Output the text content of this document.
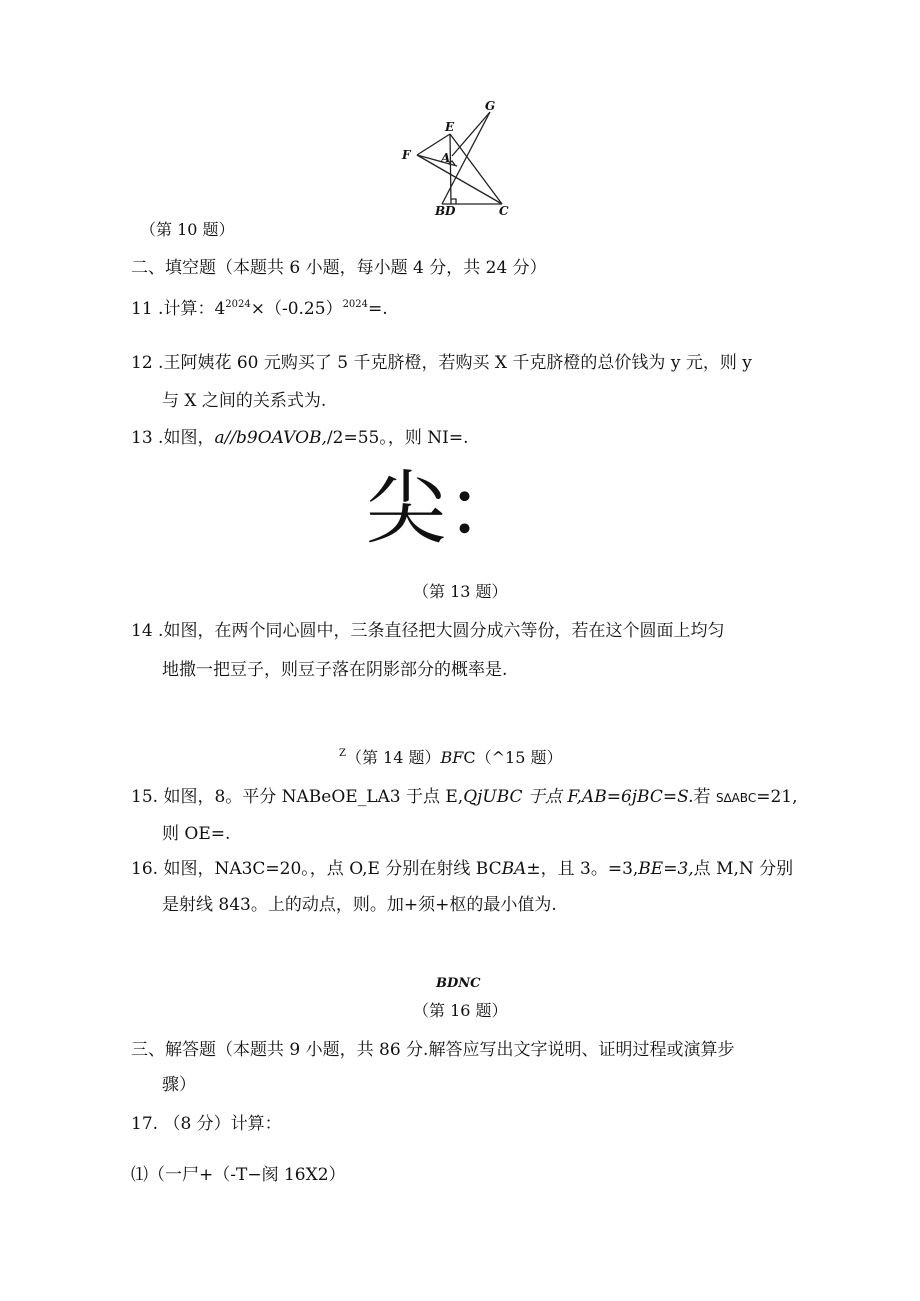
G
E
F	A
B D	C
（第 10 题）
二、填空题（本题共 6 小题，每小题 4 分，共 24 分）
11 .计算：$4^{2024}\times(-0.25)^{2024}=$.
12 .王阿姨花 60 元购买了 5 千克脐橙，若购买 X 千克脐橙的总价钱为 y 元，则 y
与 X 之间的关系式为.
13 .如图，a//b9OAVOB,/2=55。，则 NI=.
尖：
（第 13 题）
14 .如图，在两个同心圆中，三条直径把大圆分成六等份，若在这个圆面上均匀
地撒一把豆子，则豆子落在阴影部分的概率是.
$^Z$（第 14 题）BFC（^15 题）
15. 如图，8。平分 NABeOE_LA3 于点 E,QjUBC 于点 F,AB=6jBC=S.若 S∆ABC=21,
则 OE=.
16. 如图，NA3C=20。，点 O,E 分别在射线 BCBA±，且 3。=3,BE=3,点 M,N 分别
是射线 843。上的动点，则。加+须+枢的最小值为.
BDNC
（第 16 题）
三、解答题（本题共 9 小题，共 86 分.解答应写出文字说明、证明过程或演算步
骤）
17. （8 分）计算：
⑴（一尸+（-T−阂 16X2）
